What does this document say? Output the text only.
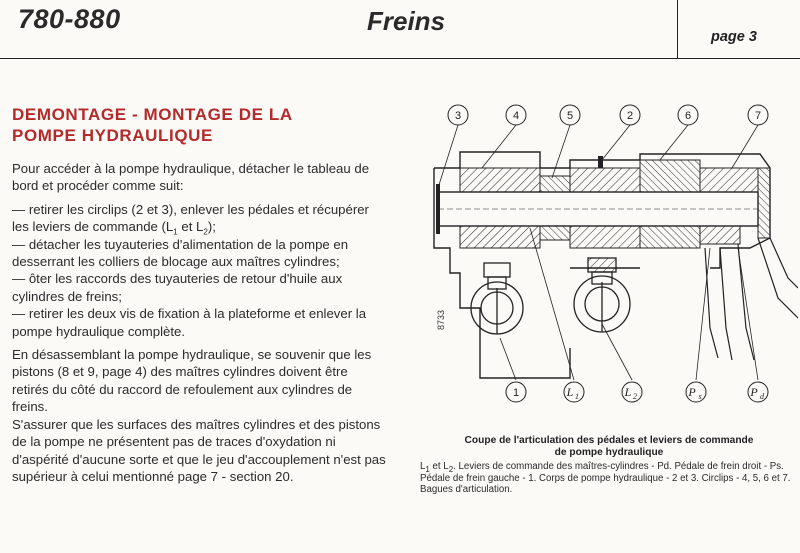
780-880	Freins
page 3
DEMONTAGE - MONTAGE DE LA
POMPE HYDRAULIQUE

Pour accéder à la pompe hydraulique, détacher le tableau de bord et procéder comme suit:

— retirer les circlips (2 et 3), enlever les pédales et récupérer les leviers de commande ($L_1$ et $L_2$);

— détacher les tuyauteries d'alimentation de la pompe en desserrant les colliers de blocage aux maîtres cylindres;

— ôter les raccords des tuyauteries de retour d'huile aux cylindres de freins;

— retirer les deux vis de fixation à la plateforme et enlever la pompe hydraulique complète.

En désassemblant la pompe hydraulique, se souvenir que les pistons (8 et 9, page 4) des maîtres cylindres doivent être retirés du côté du raccord de refoulement aux cylindres de freins.

S'assurer que les surfaces des maîtres cylindres et des pistons de la pompe ne présentent pas de traces d'oxydation ni d'aspérité d'aucune sorte et que le jeu d'accouplement n'est pas supérieur à celui mentionné page 7 - section 20.

3	4	5	2	6	7
1	L 1	L 2	P s	P d
8733
Coupe de l'articulation des pédales et leviers de commande
de pompe hydraulique
$L_1$ et $L_2$. Leviers de commande des maîtres-cylindres - Pd. Pédale de frein droit - Ps. Pédale de frein gauche - 1. Corps de pompe hydraulique - 2 et 3. Circlips - 4, 5, 6 et 7. Bagues d'articulation.
